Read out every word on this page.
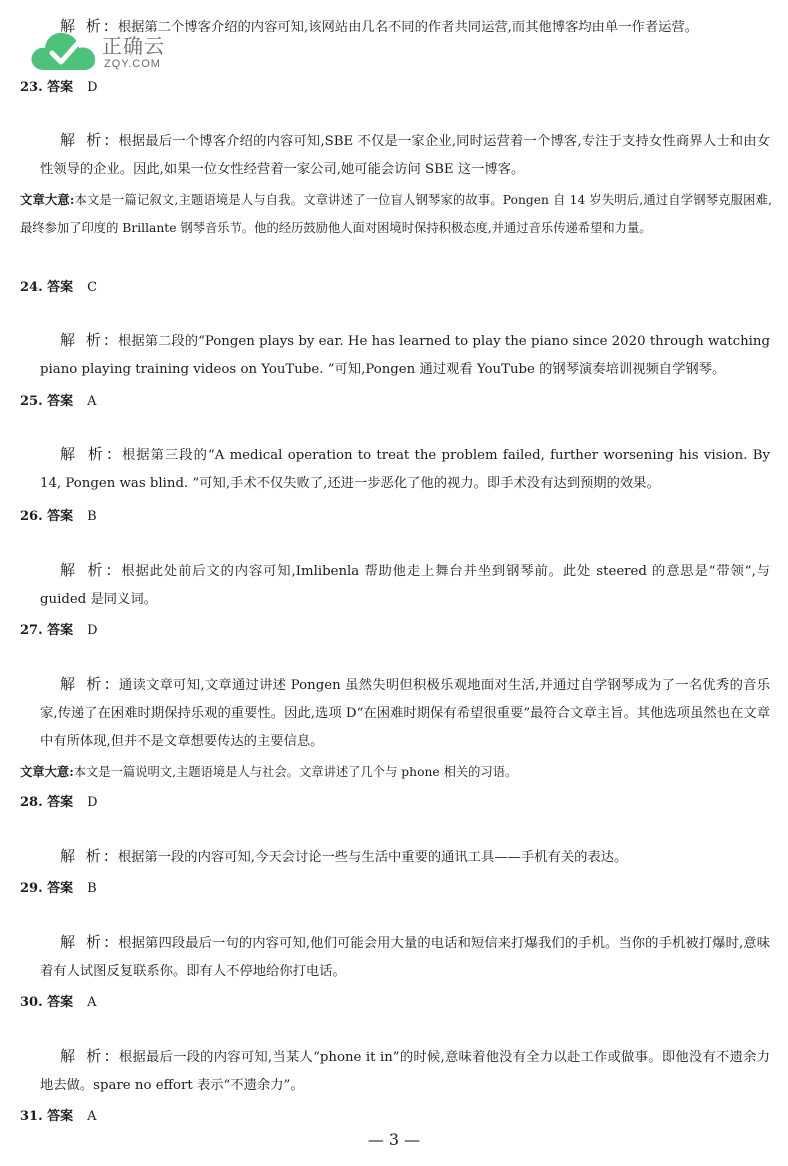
正确云
ZQY.COM
解 析: 根据第二个博客介绍的内容可知,该网站由几名不同的作者共同运营,而其他博客均由单一作者运营。
23. 答案 D
解 析: 根据最后一个博客介绍的内容可知,SBE 不仅是一家企业,同时运营着一个博客,专注于支持女性商界人士和由女性领导的企业。因此,如果一位女性经营着一家公司,她可能会访问 SBE 这一博客。
文章大意:本文是一篇记叙文,主题语境是人与自我。文章讲述了一位盲人钢琴家的故事。Pongen 自 14 岁失明后,通过自学钢琴克服困难,最终参加了印度的 Brillante 钢琴音乐节。他的经历鼓励他人面对困境时保持积极态度,并通过音乐传递希望和力量。
24. 答案 C
解 析: 根据第二段的“Pongen plays by ear. He has learned to play the piano since 2020 through watching piano playing training videos on YouTube. ”可知,Pongen 通过观看 YouTube 的钢琴演奏培训视频自学钢琴。
25. 答案 A
解 析: 根据第三段的“A medical operation to treat the problem failed, further worsening his vision. By 14, Pongen was blind. ”可知,手术不仅失败了,还进一步恶化了他的视力。即手术没有达到预期的效果。
26. 答案 B
解 析: 根据此处前后文的内容可知,Imlibenla 帮助他走上舞台并坐到钢琴前。此处 steered 的意思是“带领”,与 guided 是同义词。
27. 答案 D
解 析: 通读文章可知,文章通过讲述 Pongen 虽然失明但积极乐观地面对生活,并通过自学钢琴成为了一名优秀的音乐家,传递了在困难时期保持乐观的重要性。因此,选项 D“在困难时期保有希望很重要”最符合文章主旨。其他选项虽然也在文章中有所体现,但并不是文章想要传达的主要信息。
文章大意:本文是一篇说明文,主题语境是人与社会。文章讲述了几个与 phone 相关的习语。
28. 答案 D
解 析: 根据第一段的内容可知,今天会讨论一些与生活中重要的通讯工具——手机有关的表达。
29. 答案 B
解 析: 根据第四段最后一句的内容可知,他们可能会用大量的电话和短信来打爆我们的手机。当你的手机被打爆时,意味着有人试图反复联系你。即有人不停地给你打电话。
30. 答案 A
解 析: 根据最后一段的内容可知,当某人“phone it in”的时候,意味着他没有全力以赴工作或做事。即他没有不遗余力地去做。spare no effort 表示“不遗余力”。
31. 答案 A
— 3 —
